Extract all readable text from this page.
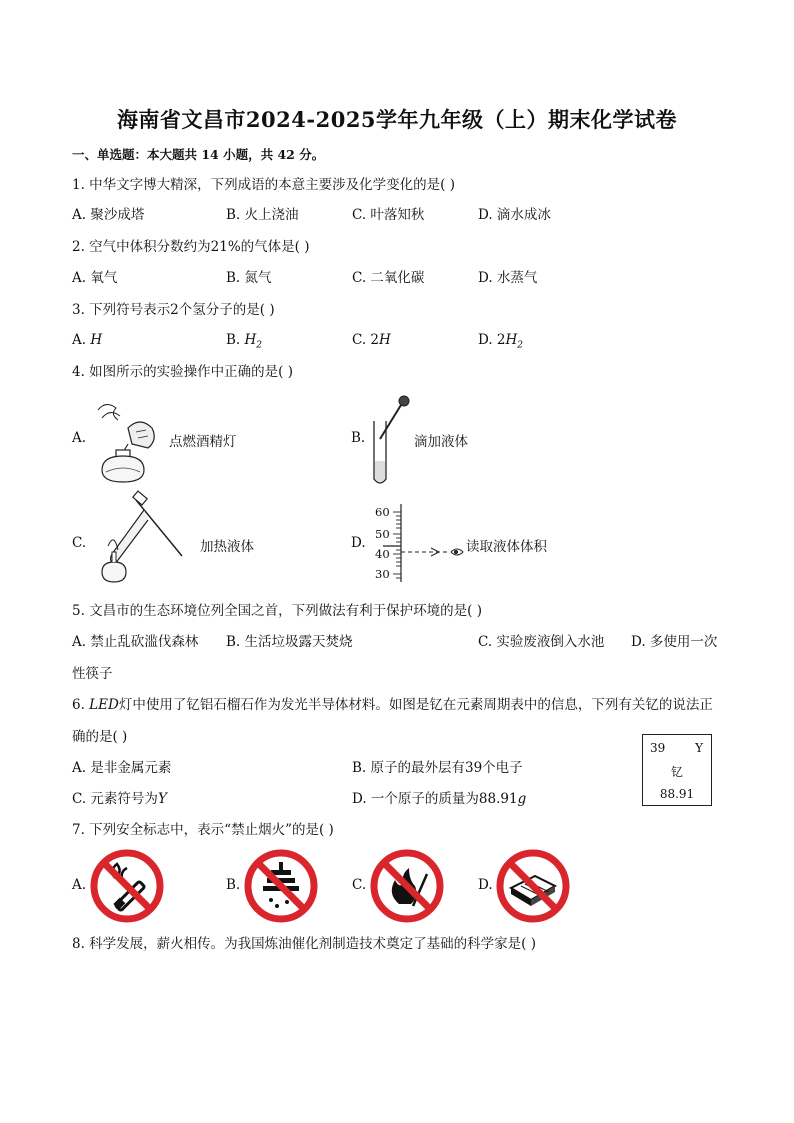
海南省文昌市2024-2025学年九年级（上）期末化学试卷
一、单选题：本大题共 14 小题，共 42 分。
1. 中华文字博大精深，下列成语的本意主要涉及化学变化的是( )
A. 聚沙成塔	B. 火上浇油	C. 叶落知秋	D. 滴水成冰
2. 空气中体积分数约为21%的气体是( )
A. 氧气	B. 氮气	C. 二氧化碳	D. 水蒸气
3. 下列符号表示2个氢分子的是( )
A. H	B. $H_2$	C. 2H	D. $2H_2$
4. 如图所示的实验操作中正确的是( )
A.	点燃酒精灯	B.	滴加液体
C.	加热液体	D.
60
50
40
30
读取液体体积
5. 文昌市的生态环境位列全国之首，下列做法有利于保护环境的是( )
A. 禁止乱砍滥伐森林 B. 生活垃圾露天焚烧	C. 实验废液倒入水池 D. 多使用一次
性筷子
6. LED灯中使用了钇铝石榴石作为发光半导体材料。如图是钇在元素周期表中的信息，下列有关钇的说法正
确的是( )
A. 是非金属元素	B. 原子的最外层有39个电子
C. 元素符号为Y	D. 一个原子的质量为88.91g
39 Y
钇
88.91
7. 下列安全标志中，表示“禁止烟火”的是( )
A.	B.	C.	D.
8. 科学发展，薪火相传。为我国炼油催化剂制造技术奠定了基础的科学家是( )
